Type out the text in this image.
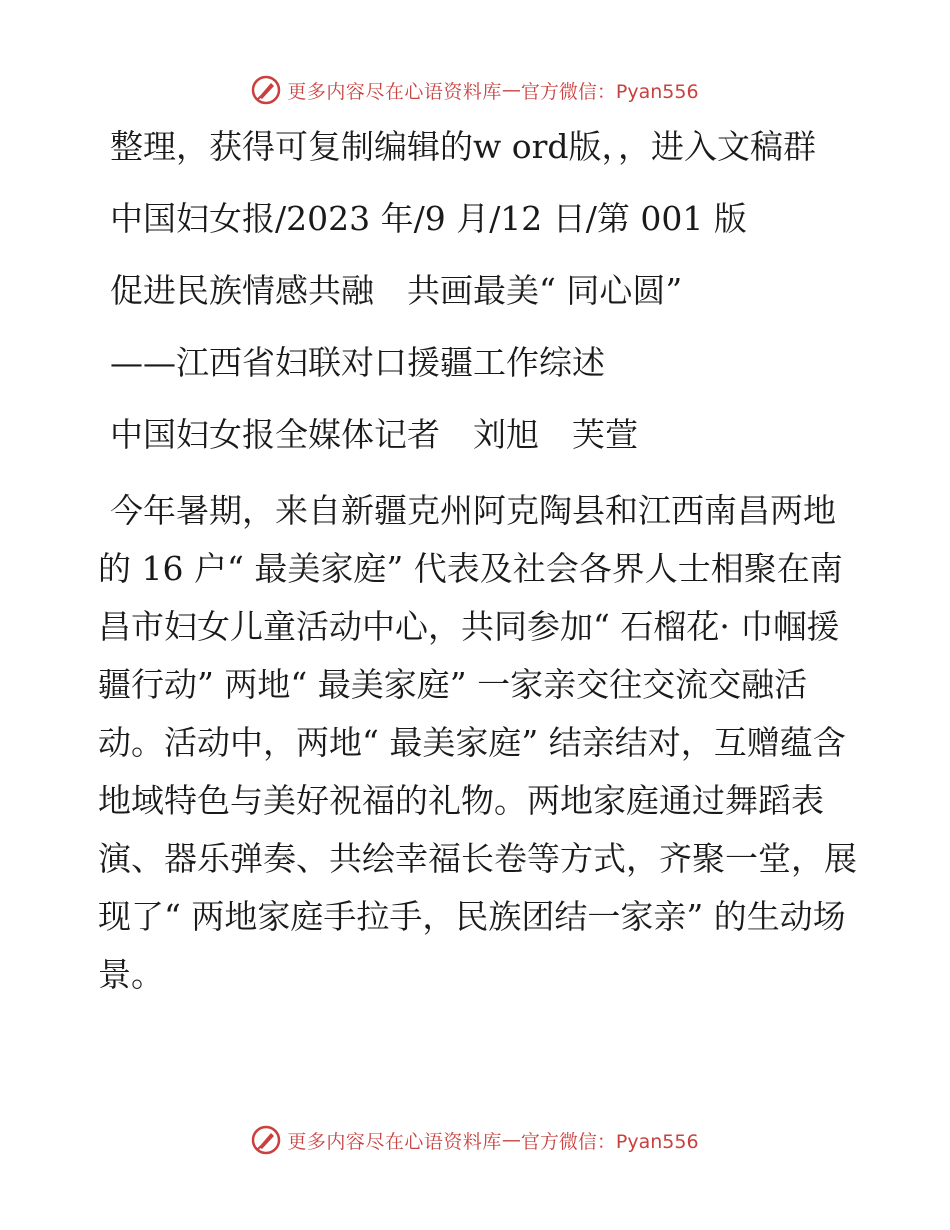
更多内容尽在心语资料库 — 官方微信：Pyan556

整理，获得可复制编辑的w ord版，，进入文稿群

中国妇女报/2023 年/9 月/12 日/第 001 版

促进民族情感共融　共画最美“ 同心圆”

——江西省妇联对口援疆工作综述

中国妇女报全媒体记者　刘旭　芙萱

今年暑期，来自新疆克州阿克陶县和江西南昌两地的 16 户“ 最美家庭” 代表及社会各界人士相聚在南昌市妇女儿童活动中心，共同参加“ 石榴花· 巾帼援疆行动” 两地“ 最美家庭” 一家亲交往交流交融活动。活动中，两地“ 最美家庭” 结亲结对，互赠蕴含地域特色与美好祝福的礼物。两地家庭通过舞蹈表演、器乐弹奏、共绘幸福长卷等方式，齐聚一堂，展现了“ 两地家庭手拉手，民族团结一家亲” 的生动场景。

更多内容尽在心语资料库 — 官方微信：Pyan556
